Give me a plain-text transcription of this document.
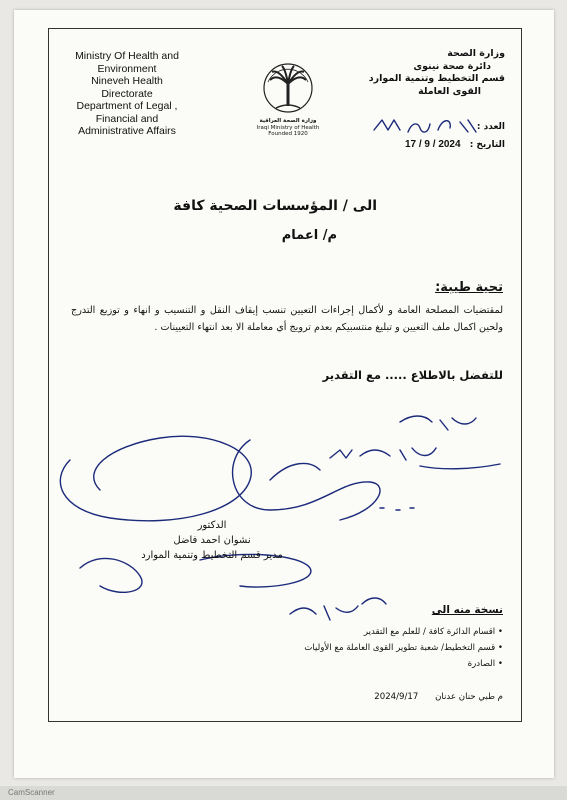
Ministry Of Health and
Environment
Nineveh Health
Directorate
Department of Legal ,
Financial and
Administrative Affairs
وزارة الصحة العراقية
Iraqi Ministry of Health
Founded 1920
وزارة الصحة
دائرة صحة نينوى
قسم التخطيط وتنمية الموارد
القوى العاملة
العدد :
التاريخ : 2024 / 9 / 17
الى / المؤسسات الصحية كافة
م/ اعمام
تحية طيبة:
لمقتضيات المصلحة العامة و لأكمال إجراءات التعيين تنسب إيقاف النقل و التنسيب و انهاء و توزيع التدرج ولحين اكمال ملف التعيين و تبليغ منتسبيكم بعدم ترويج أي معاملة الا بعد انتهاء التعيينات .
للتفضل بالاطلاع ..... مع التقدير
الدكتور
نشوان احمد فاضل
مدير قسم التخطيط وتنمية الموارد
نسخة منه الى
• اقسام الدائرة كافة / للعلم مع التقدير
• قسم التخطيط/ شعبة تطوير القوى العاملة مع الأوليات
• الصادرة
م طبي حنان عدنان 2024/9/17
CamScanner
